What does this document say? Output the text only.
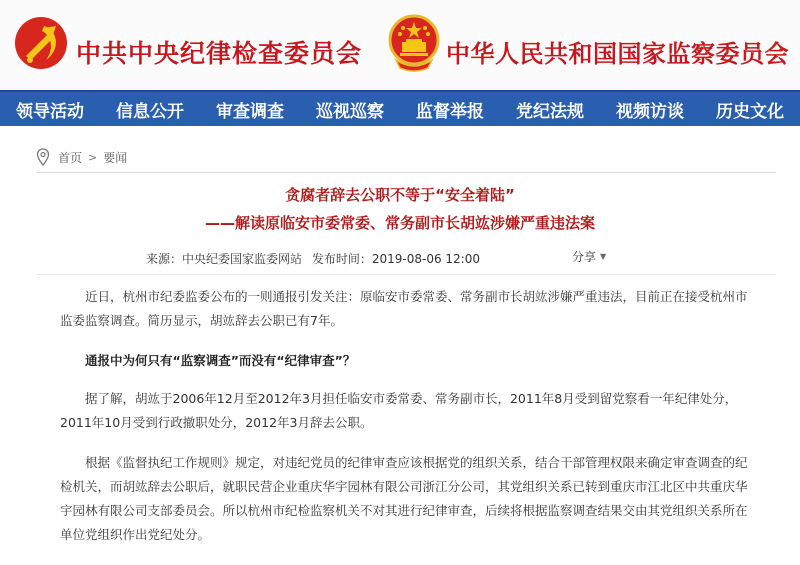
中共中央纪律检查委员会	中华人民共和国国家监察委员会
领导活动	信息公开	审查调查	巡视巡察	监督举报	党纪法规	视频访谈	历史文化
首页 > 要闻
贪腐者辞去公职不等于“安全着陆”
——解读原临安市委常委、常务副市长胡竑涉嫌严重违法案
来源：中央纪委国家监委网站 发布时间：2019-08-06 12:00	分享 ▼

近日，杭州市纪委监委公布的一则通报引发关注：原临安市委常委、常务副市长胡竑涉嫌严重违法，目前正在接受杭州市监委监察调查。简历显示，胡竑辞去公职已有7年。

通报中为何只有“监察调查”而没有“纪律审查”？

据了解，胡竑于2006年12月至2012年3月担任临安市委常委、常务副市长，2011年8月受到留党察看一年纪律处分，2011年10月受到行政撤职处分，2012年3月辞去公职。

根据《监督执纪工作规则》规定，对违纪党员的纪律审查应该根据党的组织关系，结合干部管理权限来确定审查调查的纪检机关，而胡竑辞去公职后，就职民营企业重庆华宇园林有限公司浙江分公司，其党组织关系已转到重庆市江北区中共重庆华宇园林有限公司支部委员会。所以杭州市纪检监察机关不对其进行纪律审查，后续将根据监察调查结果交由其党组织关系所在单位党组织作出党纪处分。
